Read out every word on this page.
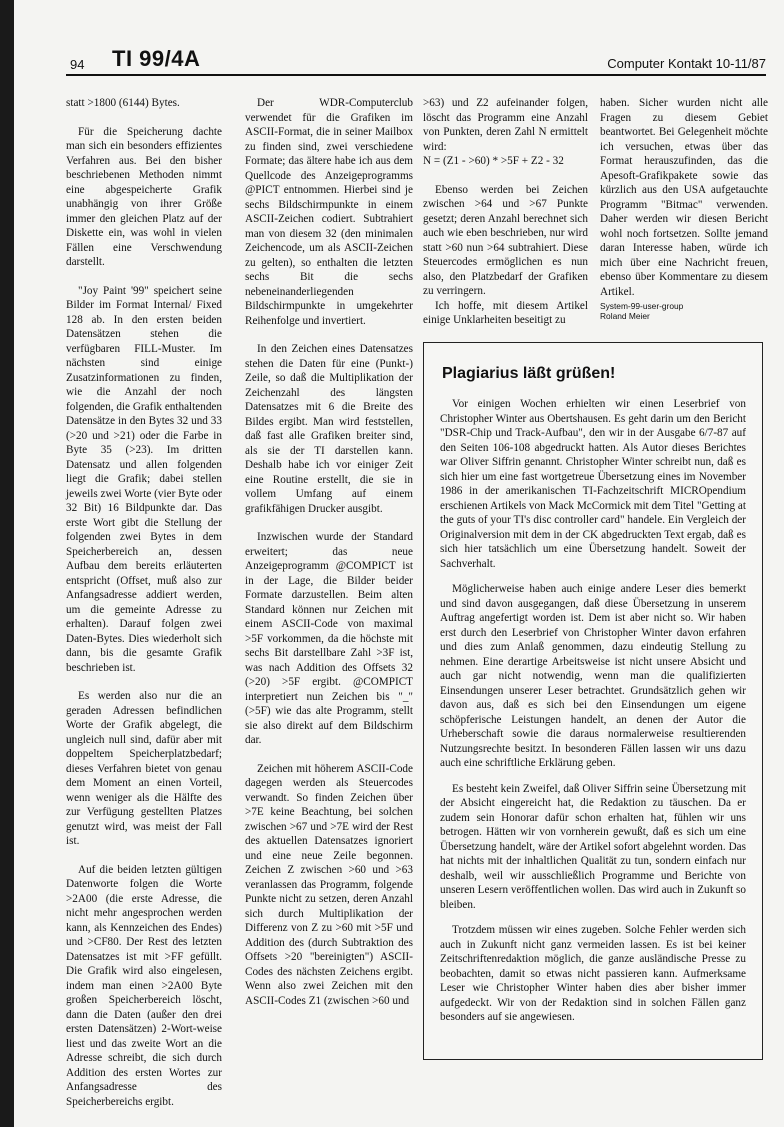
94 TI 99/4A	Computer Kontakt 10-11/87

statt >1800 (6144) Bytes.

Für die Speicherung dachte man sich ein besonders effizientes Verfahren aus. Bei den bisher beschriebenen Methoden nimmt eine abgespeicherte Grafik unabhängig von ihrer Größe immer den gleichen Platz auf der Diskette ein, was wohl in vielen Fällen eine Verschwendung darstellt.

"Joy Paint '99" speichert seine Bilder im Format Internal/ Fixed 128 ab. In den ersten beiden Datensätzen stehen die verfügbaren FILL-Muster. Im nächsten sind einige Zusatzinformationen zu finden, wie die Anzahl der noch folgenden, die Grafik enthaltenden Datensätze in den Bytes 32 und 33 (>20 und >21) oder die Farbe in Byte 35 (>23). Im dritten Datensatz und allen folgenden liegt die Grafik; dabei stellen jeweils zwei Worte (vier Byte oder 32 Bit) 16 Bildpunkte dar. Das erste Wort gibt die Stellung der folgenden zwei Bytes in dem Speicherbereich an, dessen Aufbau dem bereits erläuterten entspricht (Offset, muß also zur Anfangsadresse addiert werden, um die gemeinte Adresse zu erhalten). Darauf folgen zwei Daten-Bytes. Dies wiederholt sich dann, bis die gesamte Grafik beschrieben ist.

Es werden also nur die an geraden Adressen befindlichen Worte der Grafik abgelegt, die ungleich null sind, dafür aber mit doppeltem Speicherplatzbedarf; dieses Verfahren bietet von genau dem Moment an einen Vorteil, wenn weniger als die Hälfte des zur Verfügung gestellten Platzes genutzt wird, was meist der Fall ist.

Auf die beiden letzten gültigen Datenworte folgen die Worte >2A00 (die erste Adresse, die nicht mehr angesprochen werden kann, als Kennzeichen des Endes) und >CF80. Der Rest des letzten Datensatzes ist mit >FF gefüllt. Die Grafik wird also eingelesen, indem man einen >2A00 Byte großen Speicherbereich löscht, dann die Daten (außer den drei ersten Datensätzen) 2-Wort-weise liest und das zweite Wort an die Adresse schreibt, die sich durch Addition des ersten Wortes zur Anfangsadresse des Speicherbereichs ergibt.

Der WDR-Computerclub verwendet für die Grafiken im ASCII-Format, die in seiner Mailbox zu finden sind, zwei verschiedene Formate; das ältere habe ich aus dem Quellcode des Anzeigeprogramms @PICT entnommen. Hierbei sind je sechs Bildschirmpunkte in einem ASCII-Zeichen codiert. Subtrahiert man von diesem 32 (den minimalen Zeichencode, um als ASCII-Zeichen zu gelten), so enthalten die letzten sechs Bit die sechs nebeneinanderliegenden Bildschirmpunkte in umgekehrter Reihenfolge und invertiert.

In den Zeichen eines Datensatzes stehen die Daten für eine (Punkt-) Zeile, so daß die Multiplikation der Zeichenzahl des längsten Datensatzes mit 6 die Breite des Bildes ergibt. Man wird feststellen, daß fast alle Grafiken breiter sind, als sie der TI darstellen kann. Deshalb habe ich vor einiger Zeit eine Routine erstellt, die sie in vollem Umfang auf einem grafikfähigen Drucker ausgibt.

Inzwischen wurde der Standard erweitert; das neue Anzeigeprogramm @COMPICT ist in der Lage, die Bilder beider Formate darzustellen. Beim alten Standard können nur Zeichen mit einem ASCII-Code von maximal >5F vorkommen, da die höchste mit sechs Bit darstellbare Zahl >3F ist, was nach Addition des Offsets 32 (>20) >5F ergibt. @COMPICT interpretiert nun Zeichen bis "_" (>5F) wie das alte Programm, stellt sie also direkt auf dem Bildschirm dar.

Zeichen mit höherem ASCII-Code dagegen werden als Steuercodes verwandt. So finden Zeichen über >7E keine Beachtung, bei solchen zwischen >67 und >7E wird der Rest des aktuellen Datensatzes ignoriert und eine neue Zeile begonnen. Zeichen Z zwischen >60 und >63 veranlassen das Programm, folgende Punkte nicht zu setzen, deren Anzahl sich durch Multiplikation der Differenz von Z zu >60 mit >5F und Addition des (durch Subtraktion des Offsets >20 "bereinigten") ASCII-Codes des nächsten Zeichens ergibt. Wenn also zwei Zeichen mit den ASCII-Codes Z1 (zwischen >60 und

>63) und Z2 aufeinander folgen, löscht das Programm eine Anzahl von Punkten, deren Zahl N ermittelt wird:

N = (Z1 - >60) * >5F + Z2 - 32

Ebenso werden bei Zeichen zwischen >64 und >67 Punkte gesetzt; deren Anzahl berechnet sich auch wie eben beschrieben, nur wird statt >60 nun >64 subtrahiert. Diese Steuercodes ermöglichen es nun also, den Platzbedarf der Grafiken zu verringern.

Ich hoffe, mit diesem Artikel einige Unklarheiten beseitigt zu

haben. Sicher wurden nicht alle Fragen zu diesem Gebiet beantwortet. Bei Gelegenheit möchte ich versuchen, etwas über das Format herauszufinden, das die Apesoft-Grafikpakete sowie das kürzlich aus den USA aufgetauchte Programm "Bitmac" verwenden. Daher werden wir diesen Bericht wohl noch fortsetzen. Sollte jemand daran Interesse haben, würde ich mich über eine Nachricht freuen, ebenso über Kommentare zu diesem Artikel.

System-99-user-group

Roland Meier

Plagiarius läßt grüßen!

Vor einigen Wochen erhielten wir einen Leserbrief von Christopher Winter aus Obertshausen. Es geht darin um den Bericht "DSR-Chip und Track-Aufbau", den wir in der Ausgabe 6/7-87 auf den Seiten 106-108 abgedruckt hatten. Als Autor dieses Berichtes war Oliver Siffrin genannt. Christopher Winter schreibt nun, daß es sich hier um eine fast wortgetreue Übersetzung eines im November 1986 in der amerikanischen TI-Fachzeitschrift MICROpendium erschienen Artikels von Mack McCormick mit dem Titel "Getting at the guts of your TI's disc controller card" handele. Ein Vergleich der Originalversion mit dem in der CK abgedruckten Text ergab, daß es sich hier tatsächlich um eine Übersetzung handelt. Soweit der Sachverhalt.

Möglicherweise haben auch einige andere Leser dies bemerkt und sind davon ausgegangen, daß diese Übersetzung in unserem Auftrag angefertigt worden ist. Dem ist aber nicht so. Wir haben erst durch den Leserbrief von Christopher Winter davon erfahren und dies zum Anlaß genommen, dazu eindeutig Stellung zu nehmen. Eine derartige Arbeitsweise ist nicht unsere Absicht und auch gar nicht notwendig, wenn man die qualifizierten Einsendungen unserer Leser betrachtet. Grundsätzlich gehen wir davon aus, daß es sich bei den Einsendungen um eigene schöpferische Leistungen handelt, an denen der Autor die Urheberschaft sowie die daraus normalerweise resultierenden Nutzungsrechte besitzt. In besonderen Fällen lassen wir uns dazu auch eine schriftliche Erklärung geben.

Es besteht kein Zweifel, daß Oliver Siffrin seine Übersetzung mit der Absicht eingereicht hat, die Redaktion zu täuschen. Da er zudem sein Honorar dafür schon erhalten hat, fühlen wir uns betrogen. Hätten wir von vornherein gewußt, daß es sich um eine Übersetzung handelt, wäre der Artikel sofort abgelehnt worden. Das hat nichts mit der inhaltlichen Qualität zu tun, sondern einfach nur deshalb, weil wir ausschließlich Programme und Berichte von unseren Lesern veröffentlichen wollen. Das wird auch in Zukunft so bleiben.

Trotzdem müssen wir eines zugeben. Solche Fehler werden sich auch in Zukunft nicht ganz vermeiden lassen. Es ist bei keiner Zeitschriftenredaktion möglich, die ganze ausländische Presse zu beobachten, damit so etwas nicht passieren kann. Aufmerksame Leser wie Christopher Winter haben dies aber bisher immer aufgedeckt. Wir von der Redaktion sind in solchen Fällen ganz besonders auf sie angewiesen.
